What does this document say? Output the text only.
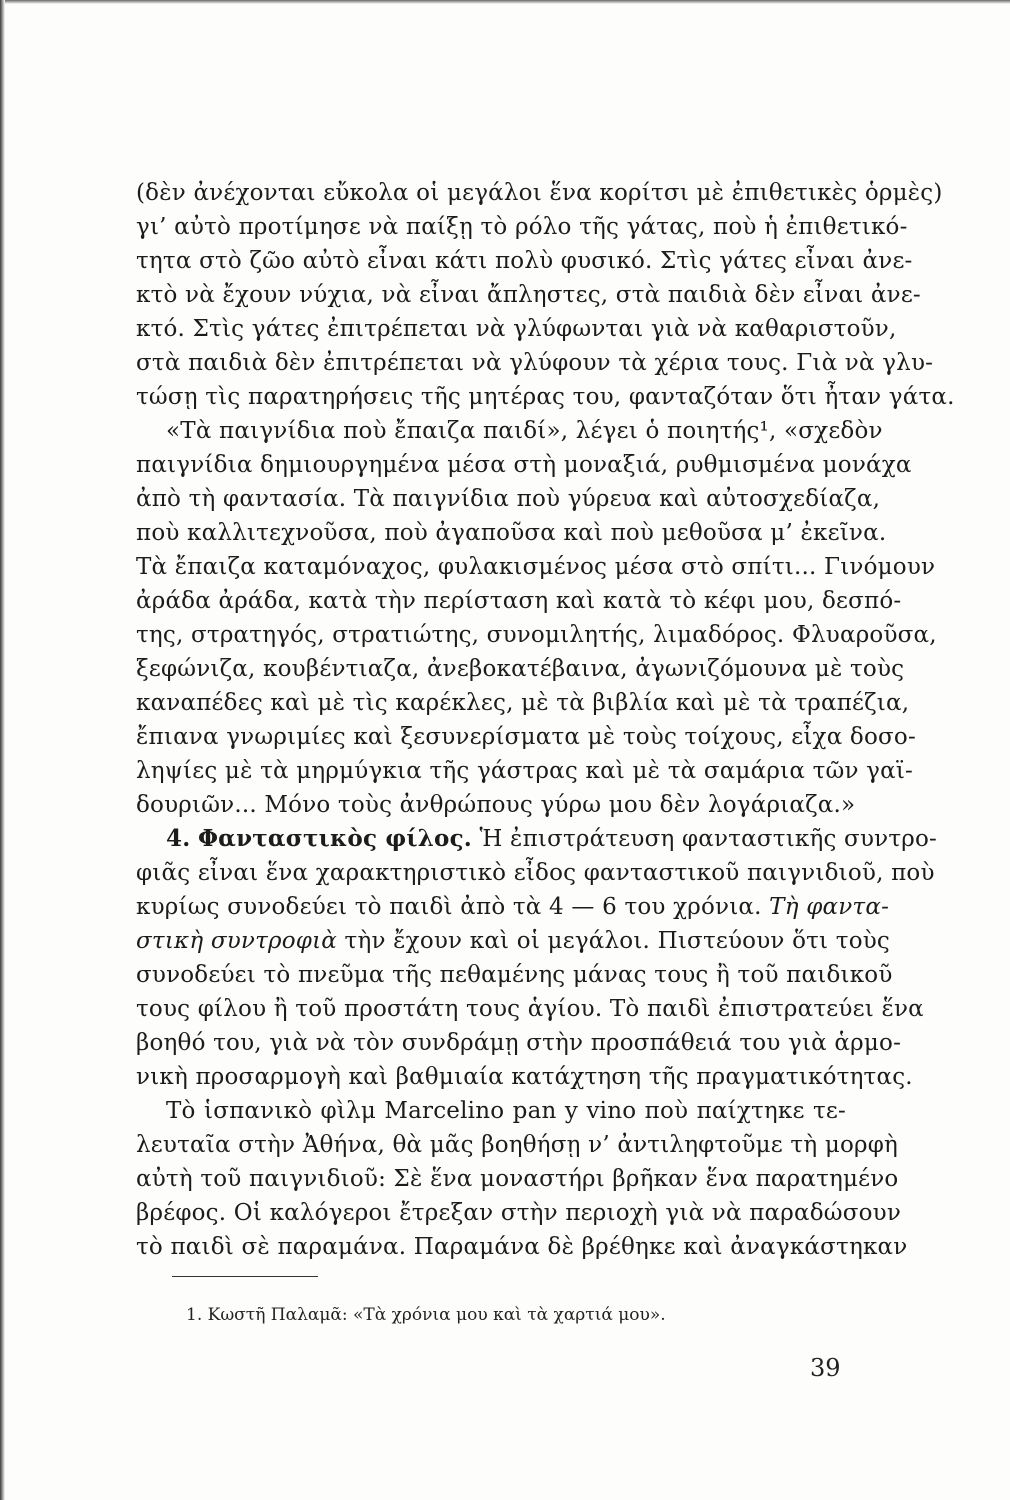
(δὲν ἀνέχονται εὔκολα οἱ μεγάλοι ἕνα κορίτσι μὲ ἐπιθετικὲς ὁρμὲς)

γι’ αὐτὸ προτίμησε νὰ παίξῃ τὸ ρόλο τῆς γάτας, ποὺ ἡ ἐπιθετικό-

τητα στὸ ζῶο αὐτὸ εἶναι κάτι πολὺ φυσικό. Στὶς γάτες εἶναι ἀνε-

κτὸ νὰ ἔχουν νύχια, νὰ εἶναι ἄπληστες, στὰ παιδιὰ δὲν εἶναι ἀνε-

κτό. Στὶς γάτες ἐπιτρέπεται νὰ γλύφωνται γιὰ νὰ καθαριστοῦν,

στὰ παιδιὰ δὲν ἐπιτρέπεται νὰ γλύφουν τὰ χέρια τους. Γιὰ νὰ γλυ-

τώσῃ τὶς παρατηρήσεις τῆς μητέρας του, φανταζόταν ὅτι ἦταν γάτα.

«Τὰ παιγνίδια ποὺ ἔπαιζα παιδί», λέγει ὁ ποιητής¹, «σχεδὸν

παιγνίδια δημιουργημένα μέσα στὴ μοναξιά, ρυθμισμένα μονάχα

ἀπὸ τὴ φαντασία. Τὰ παιγνίδια ποὺ γύρευα καὶ αὐτοσχεδίαζα,

ποὺ καλλιτεχνοῦσα, ποὺ ἀγαποῦσα καὶ ποὺ μεθοῦσα μ’ ἐκεῖνα.

Τὰ ἔπαιζα καταμόναχος, φυλακισμένος μέσα στὸ σπίτι... Γινόμουν

ἀράδα ἀράδα, κατὰ τὴν περίσταση καὶ κατὰ τὸ κέφι μου, δεσπό-

της, στρατηγός, στρατιώτης, συνομιλητής, λιμαδόρος. Φλυαροῦσα,

ξεφώνιζα, κουβέντιαζα, ἀνεβοκατέβαινα, ἀγωνιζόμουνα μὲ τοὺς

καναπέδες καὶ μὲ τὶς καρέκλες, μὲ τὰ βιβλία καὶ μὲ τὰ τραπέζια,

ἔπιανα γνωριμίες καὶ ξεσυνερίσματα μὲ τοὺς τοίχους, εἶχα δοσο-

ληψίες μὲ τὰ μηρμύγκια τῆς γάστρας καὶ μὲ τὰ σαμάρια τῶν γαϊ-

δουριῶν... Μόνο τοὺς ἀνθρώπους γύρω μου δὲν λογάριαζα.»

4. Φανταστικὸς φίλος. Ἡ ἐπιστράτευση φανταστικῆς συντρο-

φιᾶς εἶναι ἕνα χαρακτηριστικὸ εἶδος φανταστικοῦ παιγνιδιοῦ, ποὺ

κυρίως συνοδεύει τὸ παιδὶ ἀπὸ τὰ 4 — 6 του χρόνια. Τὴ φαντα-

στικὴ συντροφιὰ τὴν ἔχουν καὶ οἱ μεγάλοι. Πιστεύουν ὅτι τοὺς

συνοδεύει τὸ πνεῦμα τῆς πεθαμένης μάνας τους ἢ τοῦ παιδικοῦ

τους φίλου ἢ τοῦ προστάτη τους ἁγίου. Τὸ παιδὶ ἐπιστρατεύει ἕνα

βοηθό του, γιὰ νὰ τὸν συνδράμῃ στὴν προσπάθειά του γιὰ ἁρμο-

νικὴ προσαρμογὴ καὶ βαθμιαία κατάχτηση τῆς πραγματικότητας.

Τὸ ἱσπανικὸ φὶλμ Marcelino pan y vino ποὺ παίχτηκε τε-

λευταῖα στὴν Ἀθήνα, θὰ μᾶς βοηθήσῃ ν’ ἀντιληφτοῦμε τὴ μορφὴ

αὐτὴ τοῦ παιγνιδιοῦ: Σὲ ἕνα μοναστήρι βρῆκαν ἕνα παρατημένο

βρέφος. Οἱ καλόγεροι ἔτρεξαν στὴν περιοχὴ γιὰ νὰ παραδώσουν

τὸ παιδὶ σὲ παραμάνα. Παραμάνα δὲ βρέθηκε καὶ ἀναγκάστηκαν

1. Κωστῆ Παλαμᾶ: «Τὰ χρόνια μου καὶ τὰ χαρτιά μου».

39
